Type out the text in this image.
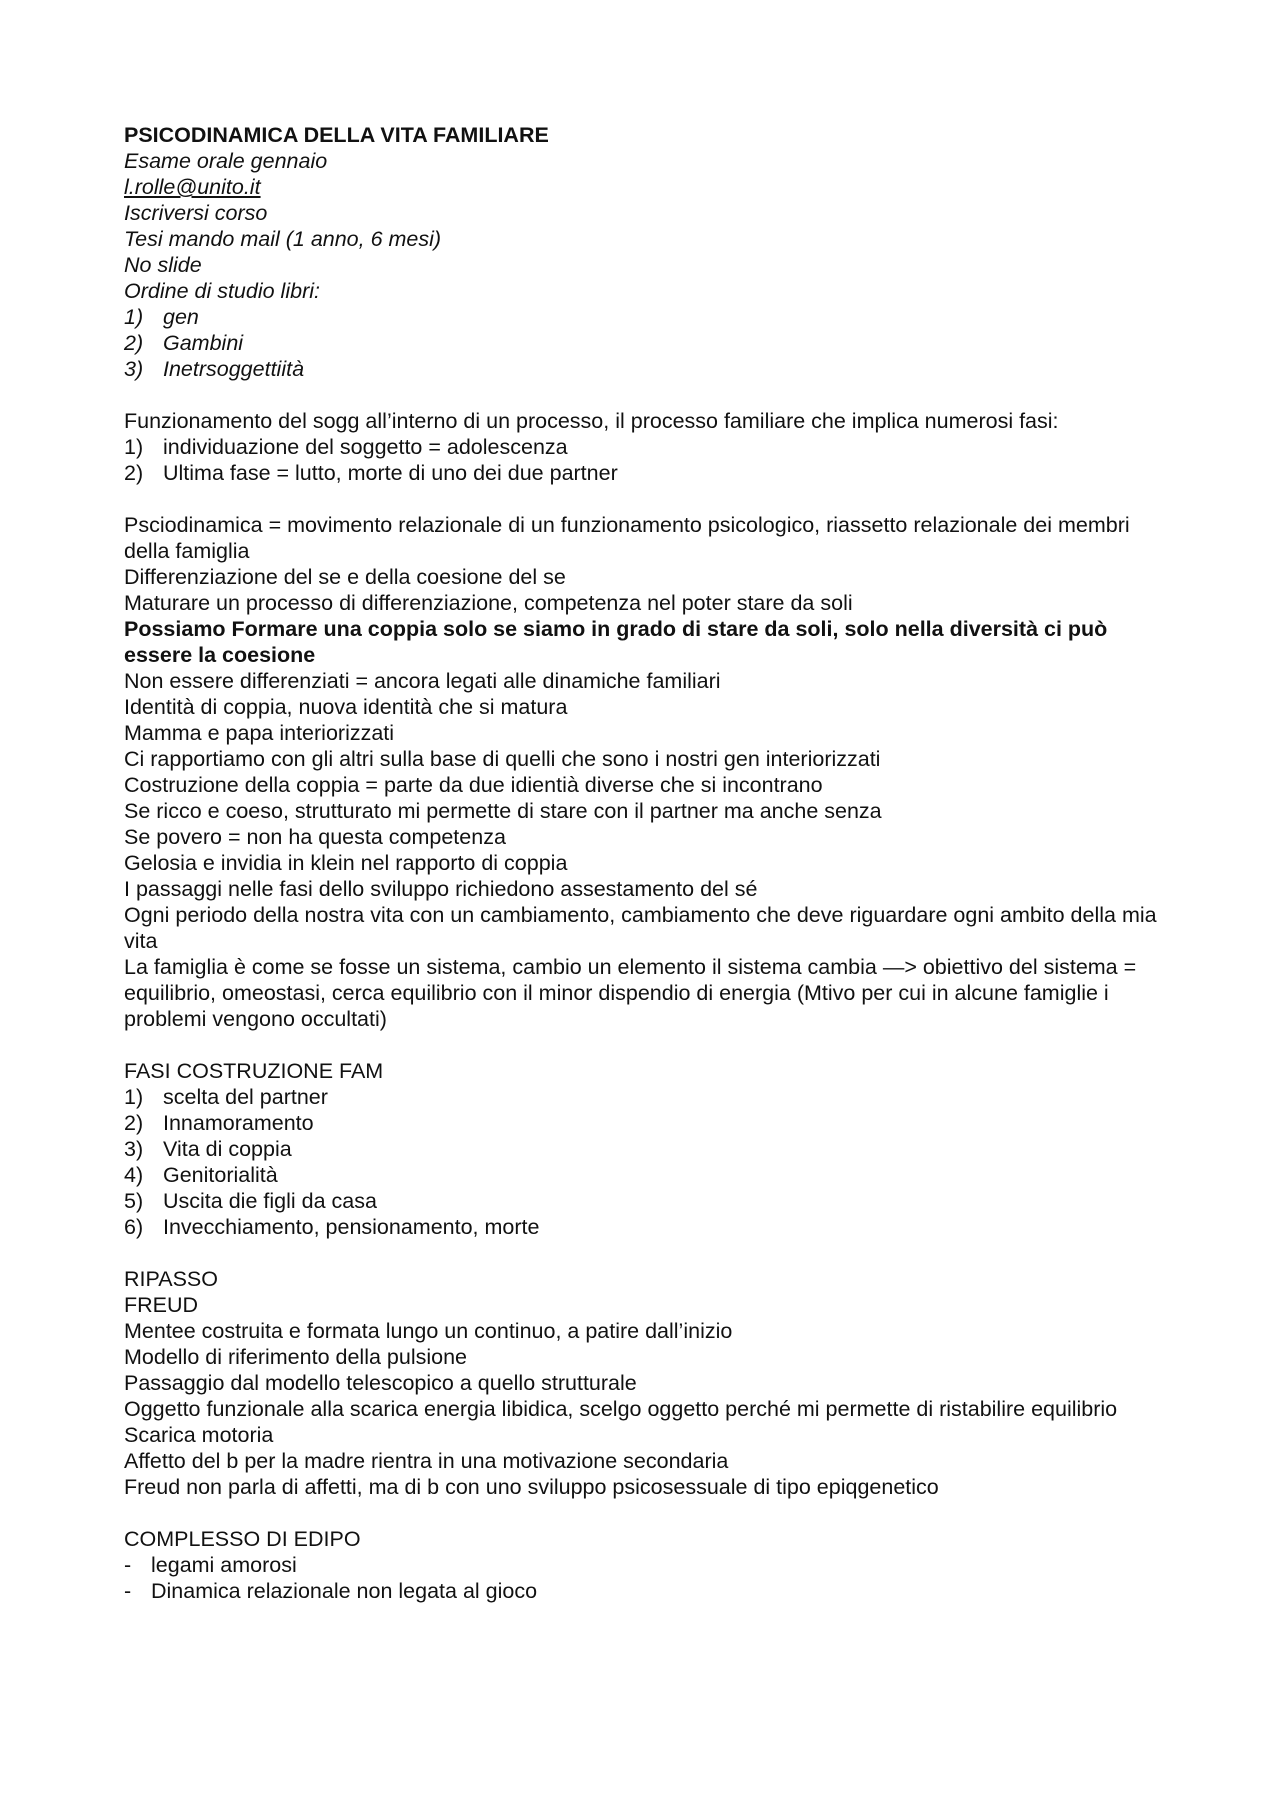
PSICODINAMICA DELLA VITA FAMILIARE

Esame orale gennaio

l.rolle@unito.it

Iscriversi corso

Tesi mando mail (1 anno, 6 mesi)

No slide

Ordine di studio libri:

1) gen
2) Gambini
3) Inetrsoggettiità

Funzionamento del sogg all’interno di un processo, il processo familiare che implica numerosi fasi:

1) individuazione del soggetto = adolescenza
2) Ultima fase = lutto, morte di uno dei due partner

Psciodinamica = movimento relazionale di un funzionamento psicologico, riassetto relazionale dei membri della famiglia

Differenziazione del se e della coesione del se

Maturare un processo di differenziazione, competenza nel poter stare da soli

Possiamo Formare una coppia solo se siamo in grado di stare da soli, solo nella diversità ci può essere la coesione

Non essere differenziati = ancora legati alle dinamiche familiari

Identità di coppia, nuova identità che si matura

Mamma e papa interiorizzati

Ci rapportiamo con gli altri sulla base di quelli che sono i nostri gen interiorizzati

Costruzione della coppia = parte da due idientià diverse che si incontrano

Se ricco e coeso, strutturato mi permette di stare con il partner ma anche senza

Se povero = non ha questa competenza

Gelosia e invidia in klein nel rapporto di coppia

I passaggi nelle fasi dello sviluppo richiedono assestamento del sé

Ogni periodo della nostra vita con un cambiamento, cambiamento che deve riguardare ogni ambito della mia vita

La famiglia è come se fosse un sistema, cambio un elemento il sistema cambia —> obiettivo del sistema = equilibrio, omeostasi, cerca equilibrio con il minor dispendio di energia (Mtivo per cui in alcune famiglie i problemi vengono occultati)

FASI COSTRUZIONE FAM

1) scelta del partner
2) Innamoramento
3) Vita di coppia
4) Genitorialità
5) Uscita die figli da casa
6) Invecchiamento, pensionamento, morte

RIPASSO

FREUD

Mentee costruita e formata lungo un continuo, a patire dall’inizio

Modello di riferimento della pulsione

Passaggio dal modello telescopico a quello strutturale

Oggetto funzionale alla scarica energia libidica, scelgo oggetto perché mi permette di ristabilire equilibrio

Scarica motoria

Affetto del b per la madre rientra in una motivazione secondaria

Freud non parla di affetti, ma di b con uno sviluppo psicosessuale di tipo epiqgenetico

COMPLESSO DI EDIPO

- legami amorosi
- Dinamica relazionale non legata al gioco
